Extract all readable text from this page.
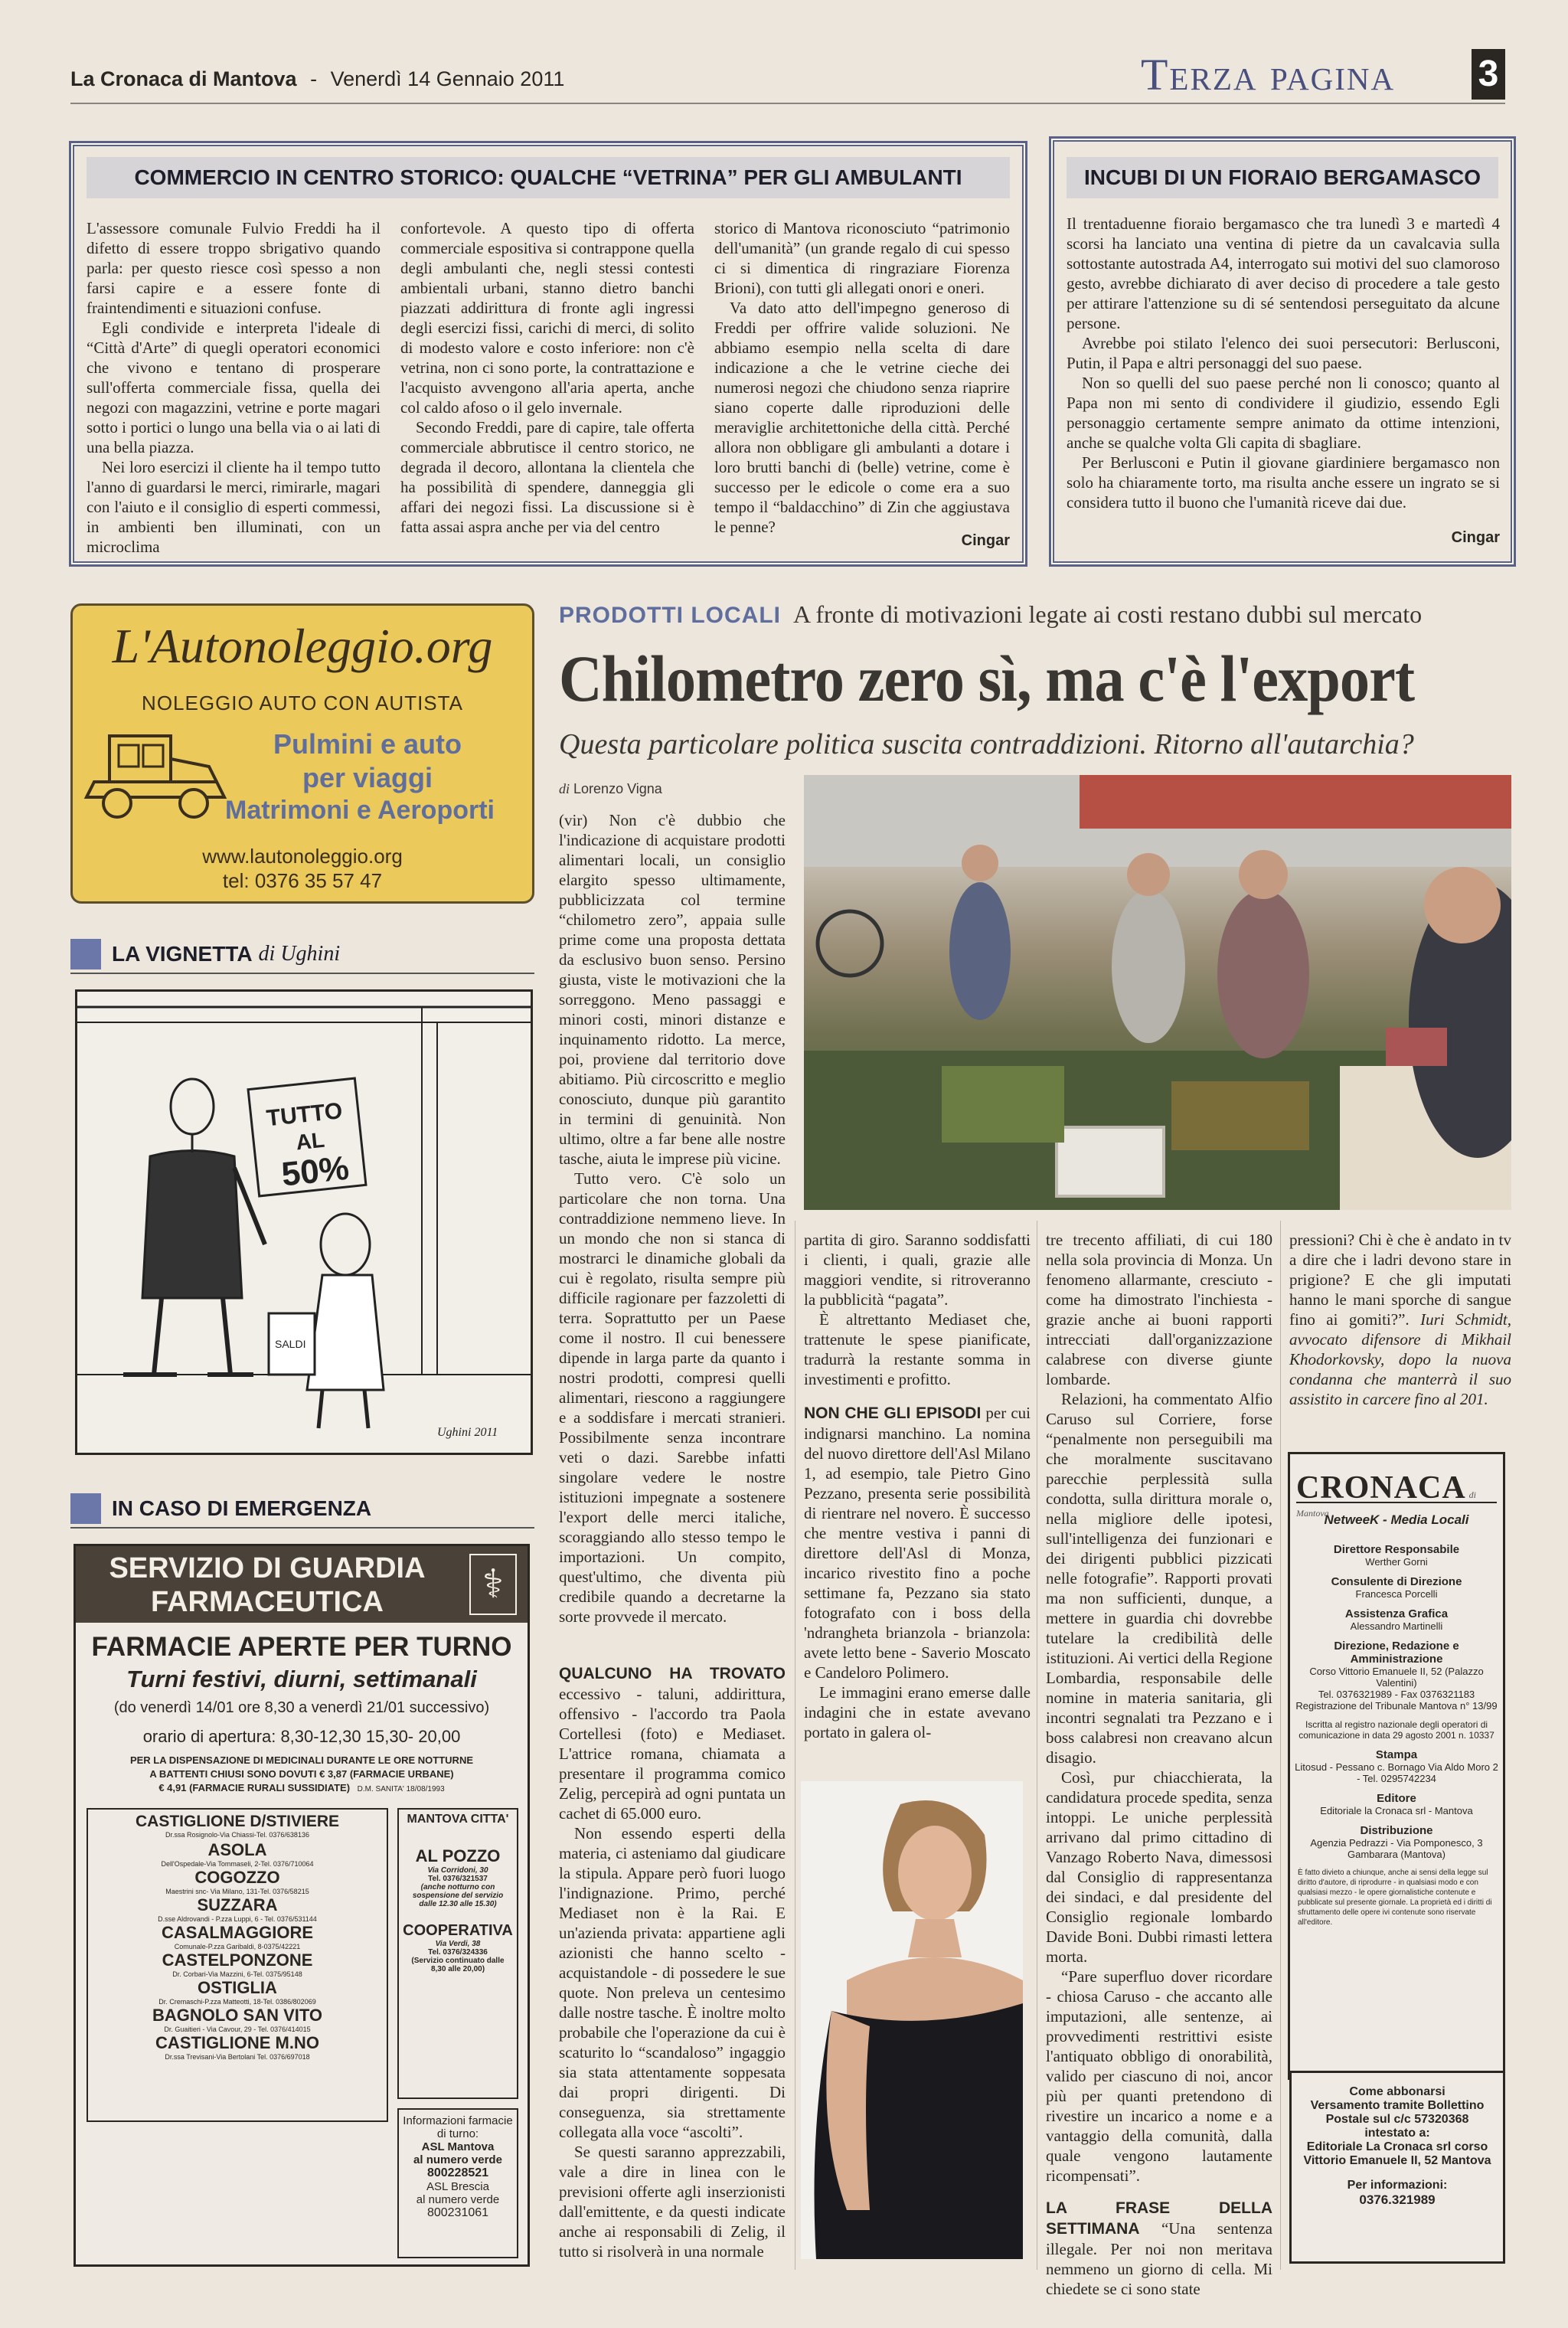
La Cronaca di Mantova - Venerdì 14 Gennaio 2011	Terza pagina 3
COMMERCIO IN CENTRO STORICO: QUALCHE “VETRINA” PER GLI AMBULANTI

L'assessore comunale Fulvio Freddi ha il difetto di essere troppo sbrigativo quando parla: per questo riesce così spesso a non farsi capire e a essere fonte di fraintendimenti e situazioni confuse.

Egli condivide e interpreta l'ideale di “Città d'Arte” di quegli operatori economici che vivono e tentano di prosperare sull'offerta commerciale fissa, quella dei negozi con magazzini, vetrine e porte magari sotto i portici o lungo una bella via o ai lati di una bella piazza.

Nei loro esercizi il cliente ha il tempo tutto l'anno di guardarsi le merci, rimirarle, magari con l'aiuto e il consiglio di esperti commessi, in ambienti ben illuminati, con un microclima

confortevole. A questo tipo di offerta commerciale espositiva si contrappone quella degli ambulanti che, negli stessi contesti ambientali urbani, stanno dietro banchi piazzati addirittura di fronte agli ingressi degli esercizi fissi, carichi di merci, di solito di modesto valore e costo inferiore: non c'è vetrina, non ci sono porte, la contrattazione e l'acquisto avvengono all'aria aperta, anche col caldo afoso o il gelo invernale.

Secondo Freddi, pare di capire, tale offerta commerciale abbrutisce il centro storico, ne degrada il decoro, allontana la clientela che ha possibilità di spendere, danneggia gli affari dei negozi fissi. La discussione si è fatta assai aspra anche per via del centro

storico di Mantova riconosciuto “patrimonio dell'umanità” (un grande regalo di cui spesso ci si dimentica di ringraziare Fiorenza Brioni), con tutti gli allegati onori e oneri.

Va dato atto dell'impegno generoso di Freddi per offrire valide soluzioni. Ne abbiamo esempio nella scelta di dare indicazione a che le vetrine cieche dei numerosi negozi che chiudono senza riaprire siano coperte dalle riproduzioni delle meraviglie architettoniche della città. Perché allora non obbligare gli ambulanti a dotare i loro brutti banchi di (belle) vetrine, come è successo per le edicole o come era a suo tempo il “baldacchino” di Zin che aggiustava le penne?

Cingar
INCUBI DI UN FIORAIO BERGAMASCO

Il trentaduenne fioraio bergamasco che tra lunedì 3 e martedì 4 scorsi ha lanciato una ventina di pietre da un cavalcavia sulla sottostante autostrada A4, interrogato sui motivi del suo clamoroso gesto, avrebbe dichiarato di aver deciso di procedere a tale gesto per attirare l'attenzione su di sé sentendosi perseguitato da alcune persone.

Avrebbe poi stilato l'elenco dei suoi persecutori: Berlusconi, Putin, il Papa e altri personaggi del suo paese.

Non so quelli del suo paese perché non li conosco; quanto al Papa non mi sento di condividere il giudizio, essendo Egli personaggio certamente sempre animato da ottime intenzioni, anche se qualche volta Gli capita di sbagliare.

Per Berlusconi e Putin il giovane giardiniere bergamasco non solo ha chiaramente torto, ma risulta anche essere un ingrato se si considera tutto il buono che l'umanità riceve dai due.

Cingar
L'Autonoleggio.org
NOLEGGIO AUTO CON AUTISTA
Pulmini e auto
per viaggi
Matrimoni e Aeroporti
www.lautonoleggio.org
tel: 0376 35 57 47
LA VIGNETTA di Ughini
TUTTO
AL
50%
SALDI
Ughini 2011
IN CASO DI EMERGENZA
SERVIZIO DI GUARDIA
FARMACEUTICA	⚕
FARMACIE APERTE PER TURNO
Turni festivi, diurni, settimanali
(do venerdì 14/01 ore 8,30 a venerdì 21/01 successivo)
orario di apertura: 8,30-12,30 15,30- 20,00
PER LA DISPENSAZIONE DI MEDICINALI DURANTE LE ORE NOTTURNE
A BATTENTI CHIUSI SONO DOVUTI € 3,87 (FARMACIE URBANE)
€ 4,91 (FARMACIE RURALI SUSSIDIATE) D.M. SANITA' 18/08/1993
CASTIGLIONE D/STIVIERE
Dr.ssa Rosignolo-Via Chiassi-Tel. 0376/638136
ASOLA
Dell'Ospedale-Via Tommaseli, 2-Tel. 0376/710064
COGOZZO
Maestrini snc- Via Milano, 131-Tel. 0376/58215
SUZZARA
D.sse Aldrovandi - P.zza Luppi, 6 - Tel. 0376/531144
CASALMAGGIORE
Comunale-P.zza Garibaldi, 8-0375/42221
CASTELPONZONE
Dr. Corbari-Via Mazzini, 6-Tel. 0375/95148
OSTIGLIA
Dr. Cremaschi-P.zza Matteotti, 18-Tel. 0386/802069
BAGNOLO SAN VITO
Dr. Guaitieri - Via Cavour, 29 - Tel. 0376/414015
CASTIGLIONE M.NO
Dr.ssa Trevisani-Via Bertolani Tel. 0376/697018
MANTOVA CITTA'
AL POZZO
Via Corridoni, 30
Tel. 0376/321537
(anche notturno con sospensione del servizio dalle 12.30 alle 15.30)
COOPERATIVA
Via Verdi, 38
Tel. 0376/324336
(Servizio continuato dalle 8,30 alle 20,00)
Informazioni farmacie di turno:
ASL Mantova
al numero verde
800228521
ASL Brescia
al numero verde
800231061
PRODOTTI LOCALI A fronte di motivazioni legate ai costi restano dubbi sul mercato
Chilometro zero sì, ma c'è l'export
Questa particolare politica suscita contraddizioni. Ritorno all'autarchia?
di Lorenzo Vigna

(vir) Non c'è dubbio che l'indicazione di acquistare prodotti alimentari locali, un consiglio elargito spesso ultimamente, pubblicizzata col termine “chilometro zero”, appaia sulle prime come una proposta dettata da esclusivo buon senso. Persino giusta, viste le motivazioni che la sorreggono. Meno passaggi e minori costi, minori distanze e inquinamento ridotto. La merce, poi, proviene dal territorio dove abitiamo. Più circoscritto e meglio conosciuto, dunque più garantito in termini di genuinità. Non ultimo, oltre a far bene alle nostre tasche, aiuta le imprese più vicine.

Tutto vero. C'è solo un particolare che non torna. Una contraddizione nemmeno lieve. In un mondo che non si stanca di mostrarci le dinamiche globali da cui è regolato, risulta sempre più difficile ragionare per fazzoletti di terra. Soprattutto per un Paese come il nostro. Il cui benessere dipende in larga parte da quanto i nostri prodotti, compresi quelli alimentari, riescono a raggiungere e a soddisfare i mercati stranieri. Possibilmente senza incontrare veti o dazi. Sarebbe infatti singolare vedere le nostre istituzioni impegnate a sostenere l'export delle merci italiche, scoraggiando allo stesso tempo le importazioni. Un compito, quest'ultimo, che diventa più credibile quando a decretarne la sorte provvede il mercato.

QUALCUNO HA TROVATO eccessivo - taluni, addirittura, offensivo - l'accordo tra Paola Cortellesi (foto) e Mediaset. L'attrice romana, chiamata a presentare il programma comico Zelig, percepirà ad ogni puntata un cachet di 65.000 euro.

Non essendo esperti della materia, ci asteniamo dal giudicare la stipula. Appare però fuori luogo l'indignazione. Primo, perché Mediaset non è la Rai. E un'azienda privata: appartiene agli azionisti che hanno scelto - acquistandole - di possedere le sue quote. Non preleva un centesimo dalle nostre tasche. È inoltre molto probabile che l'operazione da cui è scaturito lo “scandaloso” ingaggio sia stata attentamente soppesata dai propri dirigenti. Di conseguenza, sia strettamente collegata alla voce “ascolti”.

Se questi saranno apprezzabili, vale a dire in linea con le previsioni offerte agli inserzionisti dall'emittente, e da questi indicate anche ai responsabili di Zelig, il tutto si risolverà in una normale

partita di giro. Saranno soddisfatti i clienti, i quali, grazie alle maggiori vendite, si ritroveranno la pubblicità “pagata”.

È altrettanto Mediaset che, trattenute le spese pianificate, tradurrà la restante somma in investimenti e profitto.

NON CHE GLI EPISODI per cui indignarsi manchino. La nomina del nuovo direttore dell'Asl Milano 1, ad esempio, tale Pietro Gino Pezzano, presenta serie possibilità di rientrare nel novero. È successo che mentre vestiva i panni di direttore dell'Asl di Monza, incarico rivestito fino a poche settimane fa, Pezzano sia stato fotografato con i boss della 'ndrangheta brianzola - brianzola: avete letto bene - Saverio Moscato e Candeloro Polimero.

Le immagini erano emerse dalle indagini che in estate avevano portato in galera ol-

tre trecento affiliati, di cui 180 nella sola provincia di Monza. Un fenomeno allarmante, cresciuto - come ha dimostrato l'inchiesta - grazie anche ai buoni rapporti intrecciati dall'organizzazione calabrese con diverse giunte lombarde.

Relazioni, ha commentato Alfio Caruso sul Corriere, forse “penalmente non perseguibili ma che moralmente suscitavano parecchie perplessità sulla condotta, sulla dirittura morale o, nella migliore delle ipotesi, sull'intelligenza dei funzionari e dei dirigenti pubblici pizzicati nelle fotografie”. Rapporti provati ma non sufficienti, dunque, a mettere in guardia chi dovrebbe tutelare la credibilità delle istituzioni. Ai vertici della Regione Lombardia, responsabile delle nomine in materia sanitaria, gli incontri segnalati tra Pezzano e i boss calabresi non creavano alcun disagio.

Così, pur chiacchierata, la candidatura procede spedita, senza intoppi. Le uniche perplessità arrivano dal primo cittadino di Vanzago Roberto Nava, dimessosi dal Consiglio di rappresentanza dei sindaci, e dal presidente del Consiglio regionale lombardo Davide Boni. Dubbi rimasti lettera morta.

“Pare superfluo dover ricordare - chiosa Caruso - che accanto alle imputazioni, alle sentenze, ai provvedimenti restrittivi esiste l'antiquato obbligo di onorabilità, valido per ciascuno di noi, ancor più per quanti pretendono di rivestire un incarico a nome e a vantaggio della comunità, dalla quale vengono lautamente ricompensati”.

LA FRASE DELLA SETTIMANA “Una sentenza illegale. Per noi non meritava nemmeno un giorno di cella. Mi chiedete se ci sono state

pressioni? Chi è che è andato in tv a dire che i ladri devono stare in prigione? E che gli imputati hanno le mani sporche di sangue fino ai gomiti?”. Iuri Schmidt, avvocato difensore di Mikhail Khodorkovsky, dopo la nuova condanna che manterrà il suo assistito in carcere fino al 201.

CRONACA di Mantova
NetweeK - Media Locali
Direttore Responsabile
Werther Gorni
Consulente di Direzione
Francesca Porcelli
Assistenza Grafica
Alessandro Martinelli
Direzione, Redazione e Amministrazione
Corso Vittorio Emanuele II, 52 (Palazzo Valentini)
Tel. 0376321989 - Fax 0376321183
Registrazione del Tribunale Mantova n° 13/99
Iscritta al registro nazionale degli operatori di comunicazione in data 29 agosto 2001 n. 10337
Stampa
Litosud - Pessano c. Bornago Via Aldo Moro 2 - Tel. 0295742234
Editore
Editoriale la Cronaca srl - Mantova
Distribuzione
Agenzia Pedrazzi - Via Pomponesco, 3 Gambarara (Mantova)
È fatto divieto a chiunque, anche ai sensi della legge sul diritto d'autore, di riprodurre - in qualsiasi modo e con qualsiasi mezzo - le opere giornalistiche contenute e pubblicate sul presente giornale. La proprietà ed i diritti di sfruttamento delle opere ivi contenute sono riservate all'editore.
Come abbonarsi
Versamento tramite Bollettino Postale sul c/c 57320368
intestato a:
Editoriale La Cronaca srl corso Vittorio Emanuele II, 52 Mantova
Per informazioni:
0376.321989
